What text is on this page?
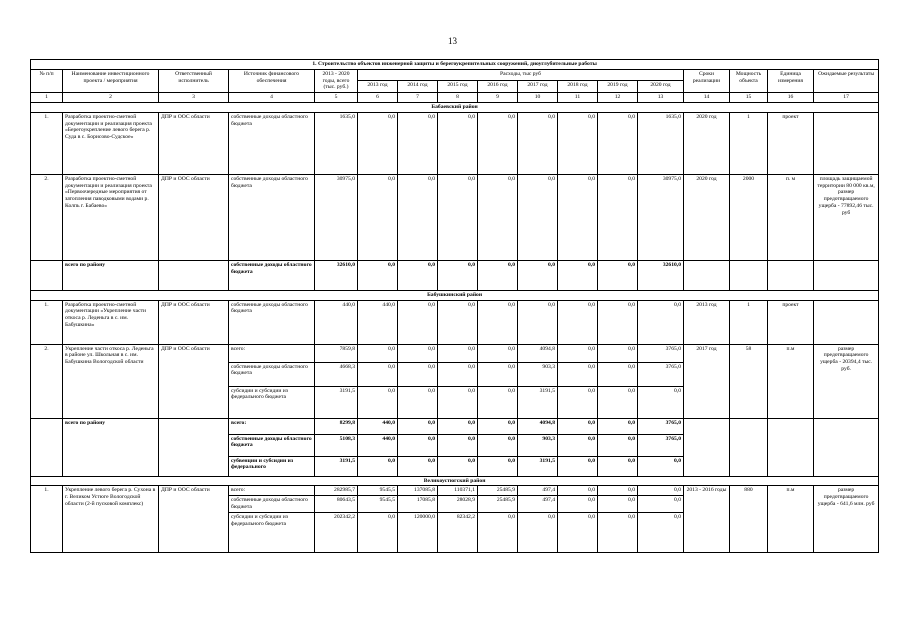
13
1. Строительство объектов инженерной защиты и берегоукрепительных сооружений, дноуглубительные работы																
№ п/п	Наименование инвестиционного проекта / мероприятия	Ответственный исполнитель	Источник финансового обеспечения	2013 - 2020 годы, всего (тыс. руб.)	Расходы, тыс руб								Сроки реализации	Мощность объекта	Единица измерения	Ожидаемые результаты
					2013 год	2014 год	2015 год	2016 год	2017 год	2018 год	2019 год	2020 год				
1	2	3	4	5	6	7	8	9	10	11	12	13	14	15	16	17
Бабаевский район																
1.	Разработка проектно-сметной документации и реализация проекта «Берегоукрепление левого берега р. Суда в с. Борисово-Судское»	ДПР и ООС области	собственные доходы областного бюджета	1635,0	0,0	0,0	0,0	0,0	0,0	0,0	0,0	1635,0	2020 год	1	проект	
2.	Разработка проектно-сметной документации и реализация проекта «Первоочередные мероприятия от затопления паводковыми водами р. Колпь г. Бабаево»	ДПР и ООС области	собственные доходы областного бюджета	30975,0	0,0	0,0	0,0	0,0	0,0	0,0	0,0	30975,0	2020 год	2000	п. м	площадь защищаемой территории 80 000 кв.м, размер предотвращаемого ущерба - 77892,46 тыс. руб
	всего по району		собственные доходы областного бюджета	32610,0	0,0	0,0	0,0	0,0	0,0	0,0	0,0	32610,0				
Бабушкинский район																
1.	Разработка проектно-сметной документации «Укрепление части откоса р. Леденьга в с. им. Бабушкина»	ДПР и ООС области	собственные доходы областного бюджета	440,0	440,0	0,0	0,0	0,0	0,0	0,0	0,0	0,0	2013 год	1	проект	
2.	Укрепление части откоса р. Леденьга в районе ул. Школьная в с. им. Бабушкина Вологодской области	ДПР и ООС области	всего:	7859,8	0,0	0,0	0,0	0,0	4094,8	0,0	0,0	3765,0	2017 год	58	п.м	размер предотвращаемого ущерба - 20394,4 тыс. руб.
			собственные доходы областного бюджета	4668,3	0,0	0,0	0,0	0,0	903,3	0,0	0,0	3765,0				
			субсидии и субсидии из федерального бюджета	3191,5	0,0	0,0	0,0	0,0	3191,5	0,0	0,0	0,0				
	всего по району		всего:	8299,8	440,0	0,0	0,0	0,0	4094,8	0,0	0,0	3765,0				
			собственные доходы областного бюджета	5108,3	440,0	0,0	0,0	0,0	903,3	0,0	0,0	3765,0				
			субвенции и субсидии из федерального	3191,5	0,0	0,0	0,0	0,0	3191,5	0,0	0,0	0,0				
Великоустюгский район																
1.	Укрепление левого берега р. Сухона в г. Великом Устюге Вологодской области (2-й пусковой комплекс)	ДПР и ООС области	всего:	282985,7	9545,5	137085,8	110371,1	25485,9	497,4	0,0	0,0	0,0	2013 - 2016 годы	880	п.м	размер предотвращаемого ущерба - 641,6 млн. руб
			собственные доходы областного бюджета	80643,5	9545,5	17085,8	28028,9	25485,9	497,4	0,0	0,0	0,0				
			субсидии и субсидии из федерального бюджета	202342,2	0,0	120000,0	82342,2	0,0	0,0	0,0	0,0	0,0				
